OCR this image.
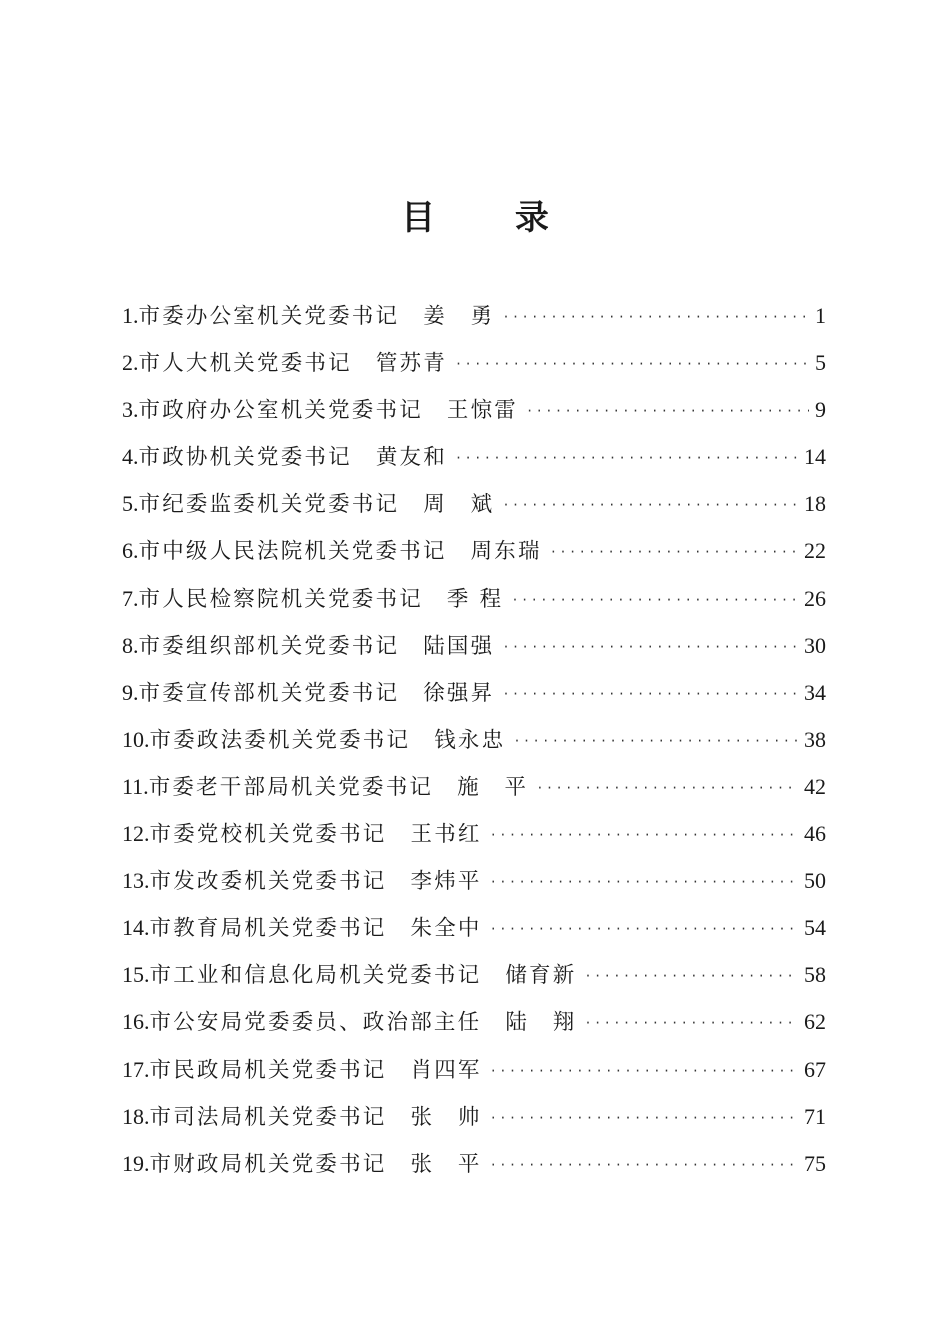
目 录
1. 市委办公室机关党委书记 姜　勇 ·····	1
2. 市人大机关党委书记 管苏青 ·····	5
3. 市政府办公室机关党委书记 王惊雷 ·····	9
4. 市政协机关党委书记 黄友和 ·····	14
5. 市纪委监委机关党委书记 周　斌 ·····	18
6. 市中级人民法院机关党委书记 周东瑞 ·····	22
7. 市人民检察院机关党委书记 季 程 ·····	26
8. 市委组织部机关党委书记 陆国强 ·····	30
9. 市委宣传部机关党委书记 徐强昇 ·····	34
10. 市委政法委机关党委书记 钱永忠 ·····	38
11. 市委老干部局机关党委书记 施　平 ·····	42
12. 市委党校机关党委书记 王书红 ·····	46
13. 市发改委机关党委书记 李炜平 ·····	50
14. 市教育局机关党委书记 朱全中 ·····	54
15. 市工业和信息化局机关党委书记 储育新 ·····	58
16. 市公安局党委委员、政治部主任 陆　翔 ·····	62
17. 市民政局机关党委书记 肖四军 ·····	67
18. 市司法局机关党委书记 张　帅 ·····	71
19. 市财政局机关党委书记 张　平 ·····	75
